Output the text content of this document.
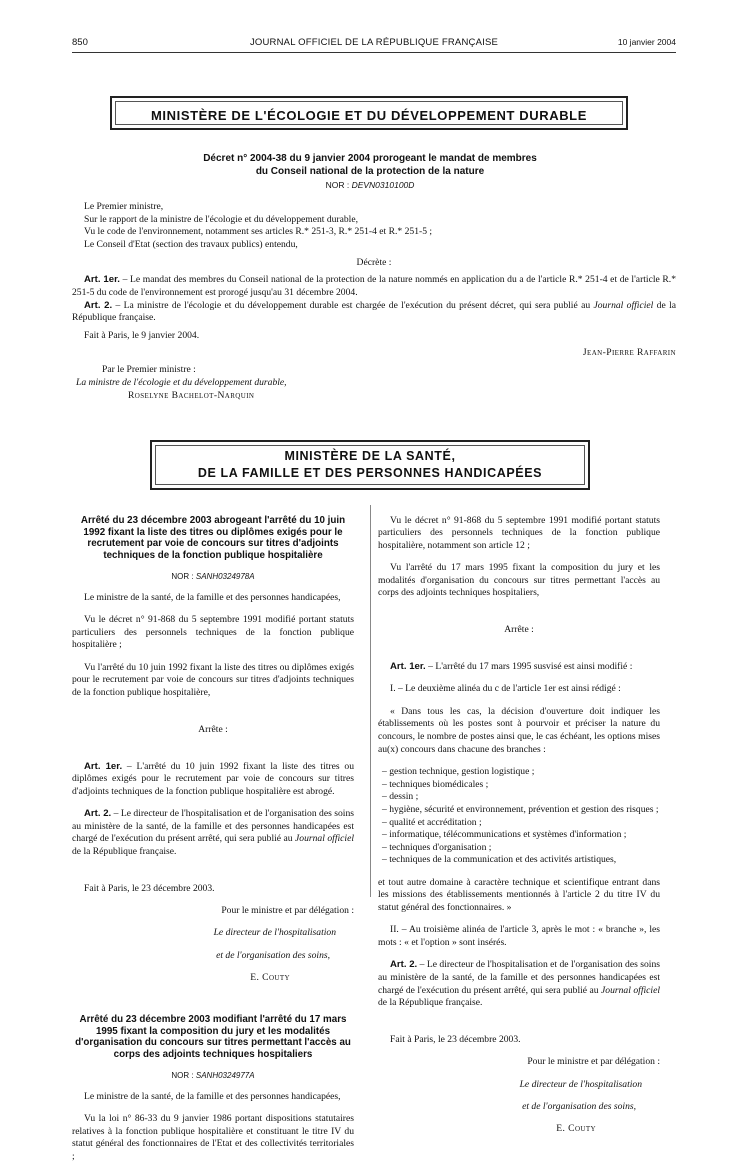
850	JOURNAL OFFICIEL DE LA RÉPUBLIQUE FRANÇAISE	10 janvier 2004
MINISTÈRE DE L'ÉCOLOGIE ET DU DÉVELOPPEMENT DURABLE
Décret n° 2004-38 du 9 janvier 2004 prorogeant le mandat de membres
du Conseil national de la protection de la nature
NOR : DEVN0310100D

Le Premier ministre,

Sur le rapport de la ministre de l'écologie et du développement durable,

Vu le code de l'environnement, notamment ses articles R.* 251-3, R.* 251-4 et R.* 251-5 ;

Le Conseil d'Etat (section des travaux publics) entendu,

Décrète :

Art. 1er. – Le mandat des membres du Conseil national de la protection de la nature nommés en application du a de l'article R.* 251-4 et de l'article R.* 251-5 du code de l'environnement est prorogé jusqu'au 31 décembre 2004.

Art. 2. – La ministre de l'écologie et du développement durable est chargée de l'exécution du présent décret, qui sera publié au Journal officiel de la République française.

Fait à Paris, le 9 janvier 2004.

Jean-Pierre Raffarin

Par le Premier ministre :

La ministre de l'écologie et du développement durable,

Roselyne Bachelot-Narquin

MINISTÈRE DE LA SANTÉ,
DE LA FAMILLE ET DES PERSONNES HANDICAPÉES

Arrêté du 23 décembre 2003 abrogeant l'arrêté du 10 juin 1992 fixant la liste des titres ou diplômes exigés pour le recrutement par voie de concours sur titres d'adjoints techniques de la fonction publique hospitalière

NOR : SANH0324978A

Le ministre de la santé, de la famille et des personnes handicapées,

Vu le décret n° 91-868 du 5 septembre 1991 modifié portant statuts particuliers des personnels techniques de la fonction publique hospitalière ;

Vu l'arrêté du 10 juin 1992 fixant la liste des titres ou diplômes exigés pour le recrutement par voie de concours sur titres d'adjoints techniques de la fonction publique hospitalière,

Arrête :

Art. 1er. – L'arrêté du 10 juin 1992 fixant la liste des titres ou diplômes exigés pour le recrutement par voie de concours sur titres d'adjoints techniques de la fonction publique hospitalière est abrogé.

Art. 2. – Le directeur de l'hospitalisation et de l'organisation des soins au ministère de la santé, de la famille et des personnes handicapées est chargé de l'exécution du présent arrêté, qui sera publié au Journal officiel de la République française.

Fait à Paris, le 23 décembre 2003.

Pour le ministre et par délégation :

Le directeur de l'hospitalisation

et de l'organisation des soins,

E. Couty

Arrêté du 23 décembre 2003 modifiant l'arrêté du 17 mars 1995 fixant la composition du jury et les modalités d'organisation du concours sur titres permettant l'accès au corps des adjoints techniques hospitaliers

NOR : SANH0324977A

Le ministre de la santé, de la famille et des personnes handicapées,

Vu la loi n° 86-33 du 9 janvier 1986 portant dispositions statutaires relatives à la fonction publique hospitalière et constituant le titre IV du statut général des fonctionnaires de l'Etat et des collectivités territoriales ;

Vu le décret n° 91-868 du 5 septembre 1991 modifié portant statuts particuliers des personnels techniques de la fonction publique hospitalière, notamment son article 12 ;

Vu l'arrêté du 17 mars 1995 fixant la composition du jury et les modalités d'organisation du concours sur titres permettant l'accès au corps des adjoints techniques hospitaliers,

Arrête :

Art. 1er. – L'arrêté du 17 mars 1995 susvisé est ainsi modifié :

I. – Le deuxième alinéa du c de l'article 1er est ainsi rédigé :

« Dans tous les cas, la décision d'ouverture doit indiquer les établissements où les postes sont à pourvoir et préciser la nature du concours, le nombre de postes ainsi que, le cas échéant, les options mises au(x) concours dans chacune des branches :

– gestion technique, gestion logistique ;
– techniques biomédicales ;
– dessin ;
– hygiène, sécurité et environnement, prévention et gestion des risques ;
– qualité et accréditation ;
– informatique, télécommunications et systèmes d'information ;
– techniques d'organisation ;
– techniques de la communication et des activités artistiques,

et tout autre domaine à caractère technique et scientifique entrant dans les missions des établissements mentionnés à l'article 2 du titre IV du statut général des fonctionnaires. »

II. – Au troisième alinéa de l'article 3, après le mot : « branche », les mots : « et l'option » sont insérés.

Art. 2. – Le directeur de l'hospitalisation et de l'organisation des soins au ministère de la santé, de la famille et des personnes handicapées est chargé de l'exécution du présent arrêté, qui sera publié au Journal officiel de la République française.

Fait à Paris, le 23 décembre 2003.

Pour le ministre et par délégation :

Le directeur de l'hospitalisation

et de l'organisation des soins,

E. Couty
